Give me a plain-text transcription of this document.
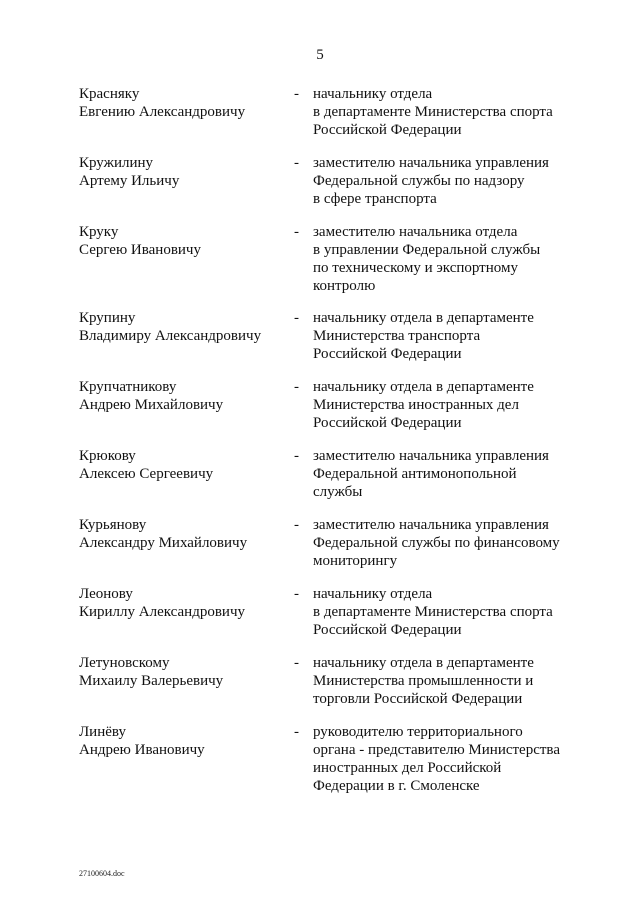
5
Красняку
Евгению Александровичу
- начальнику отдела
в департаменте Министерства спорта
Российской Федерации
Кружилину
Артему Ильичу
- заместителю начальника управления
Федеральной службы по надзору
в сфере транспорта
Круку
Сергею Ивановичу
- заместителю начальника отдела
в управлении Федеральной службы
по техническому и экспортному
контролю
Крупину
Владимиру Александровичу
- начальнику отдела в департаменте
Министерства транспорта
Российской Федерации
Крупчатникову
Андрею Михайловичу
- начальнику отдела в департаменте
Министерства иностранных дел
Российской Федерации
Крюкову
Алексею Сергеевичу
- заместителю начальника управления
Федеральной антимонопольной
службы
Курьянову
Александру Михайловичу
- заместителю начальника управления
Федеральной службы по финансовому
мониторингу
Леонову
Кириллу Александровичу
- начальнику отдела
в департаменте Министерства спорта
Российской Федерации
Летуновскому
Михаилу Валерьевичу
- начальнику отдела в департаменте
Министерства промышленности и
торговли Российской Федерации
Линёву
Андрею Ивановичу
- руководителю территориального
органа - представителю Министерства
иностранных дел Российской
Федерации в г. Смоленске
27100604.doc
